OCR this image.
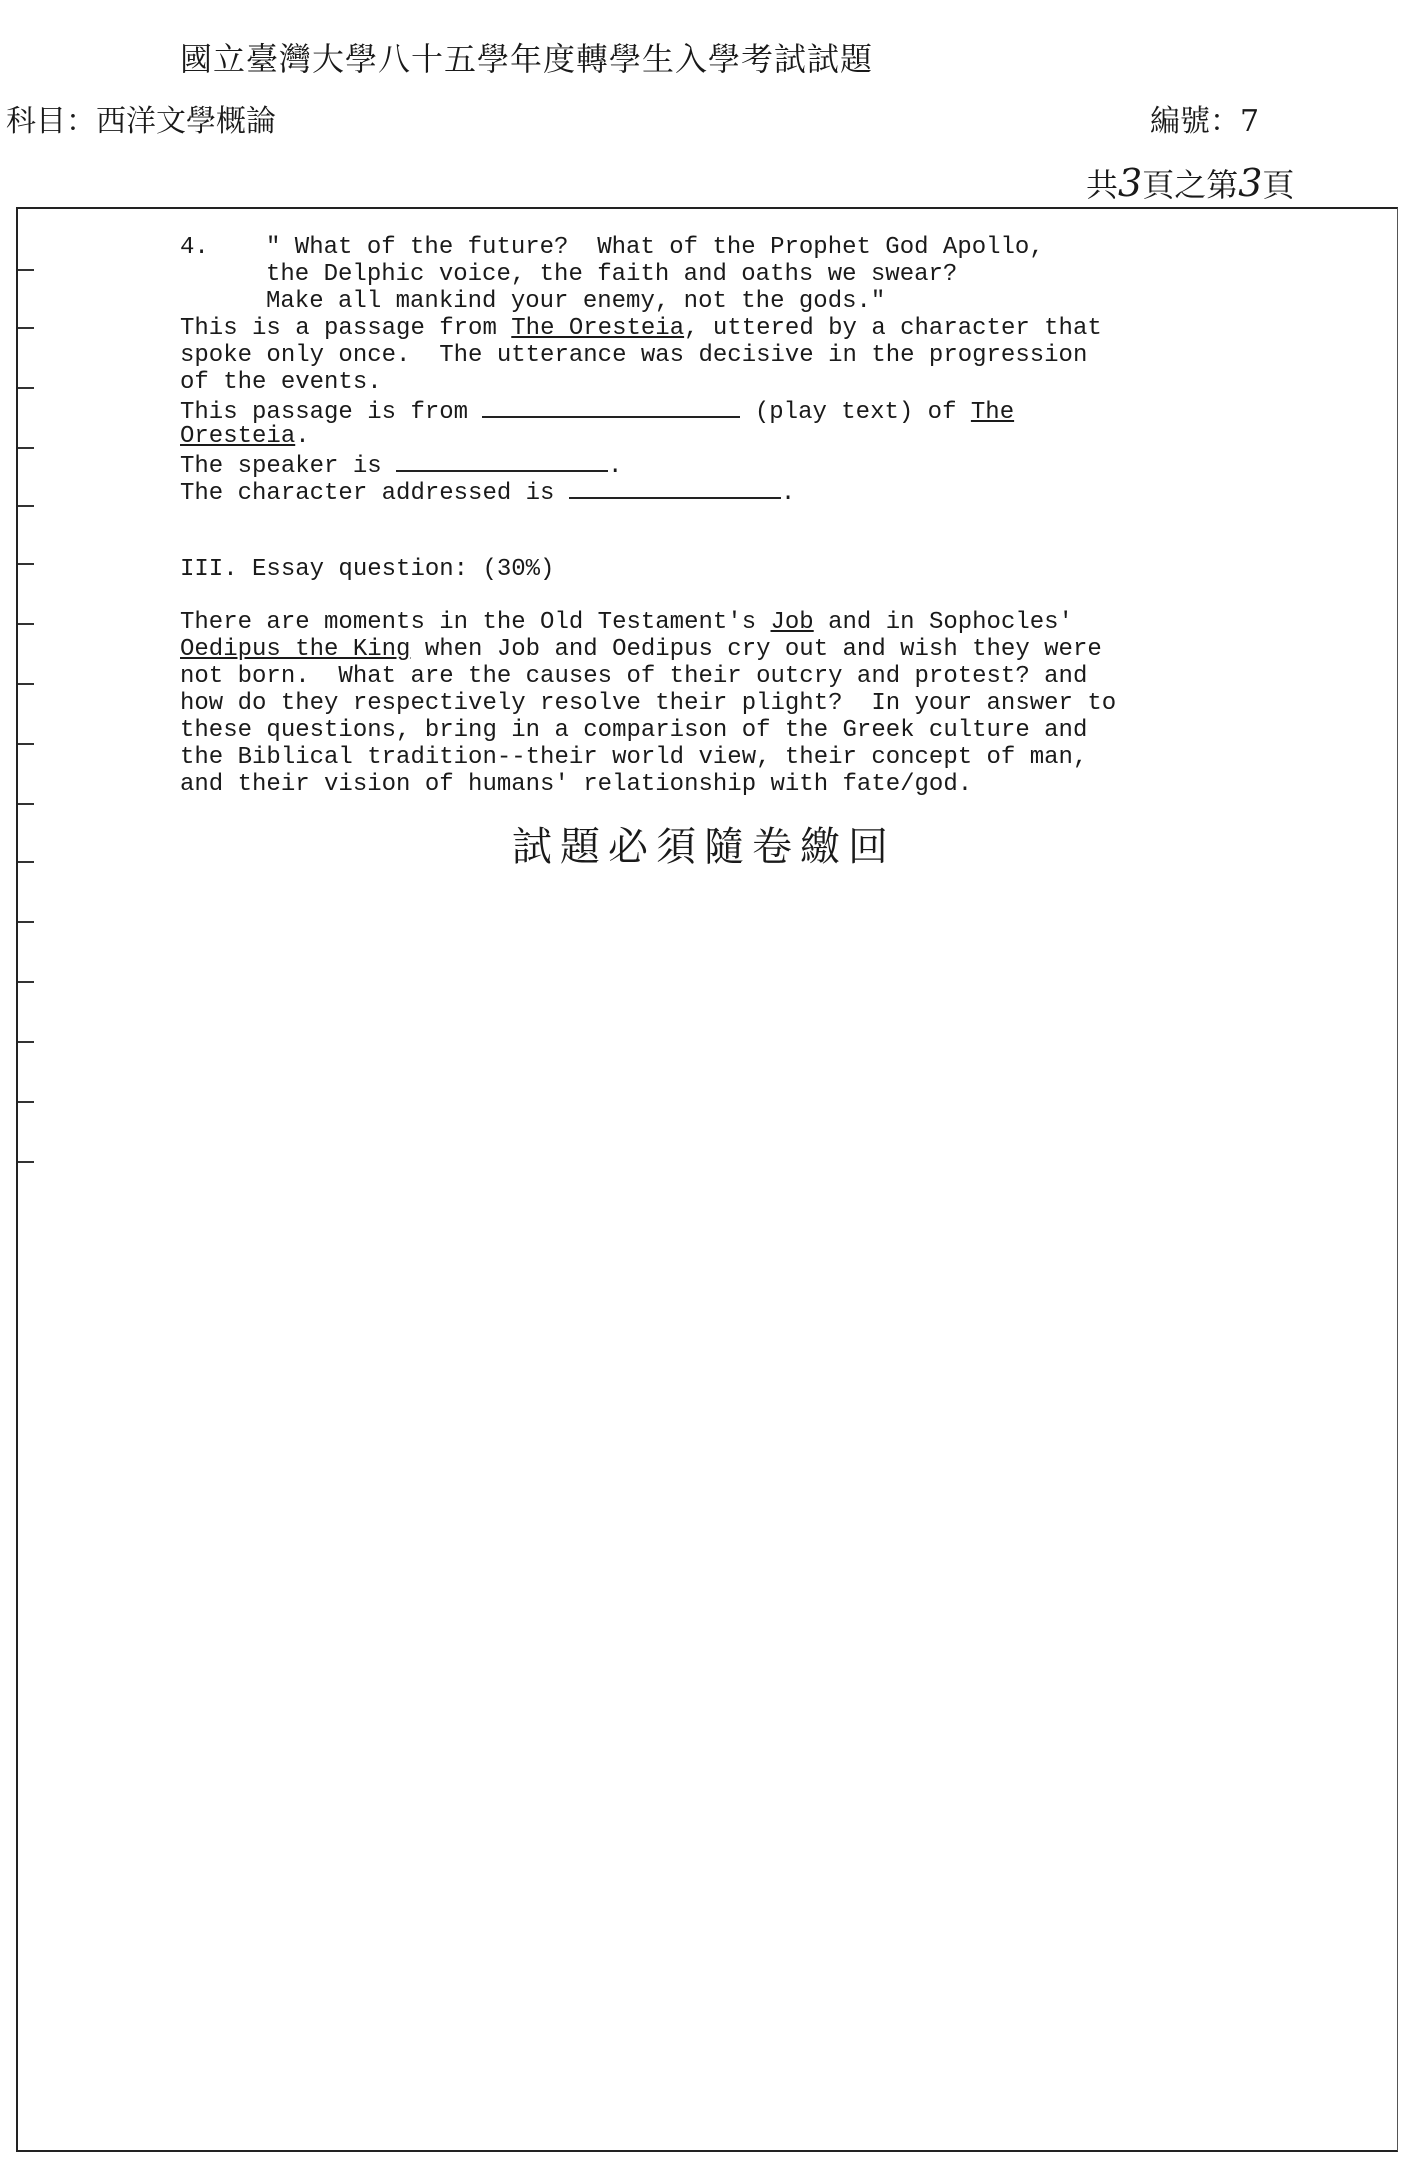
國立臺灣大學八十五學年度轉學生入學考試試題
科目：西洋文學概論	編號：7
共3頁之第3頁
4. " What of the future?  What of the Prophet God Apollo,
the Delphic voice, the faith and oaths we swear?
Make all mankind your enemy, not the gods."
This is a passage from The Oresteia, uttered by a character that
spoke only once.  The utterance was decisive in the progression
of the events.
This passage is from	(play text) of The
Oresteia.
The speaker is	.
The character addressed is	.
III. Essay question: (30%)
There are moments in the Old Testament's Job and in Sophocles'
Oedipus the King when Job and Oedipus cry out and wish they were
not born.  What are the causes of their outcry and protest? and
how do they respectively resolve their plight?  In your answer to
these questions, bring in a comparison of the Greek culture and
the Biblical tradition--their world view, their concept of man,
and their vision of humans' relationship with fate/god.
試題必須隨卷繳回
